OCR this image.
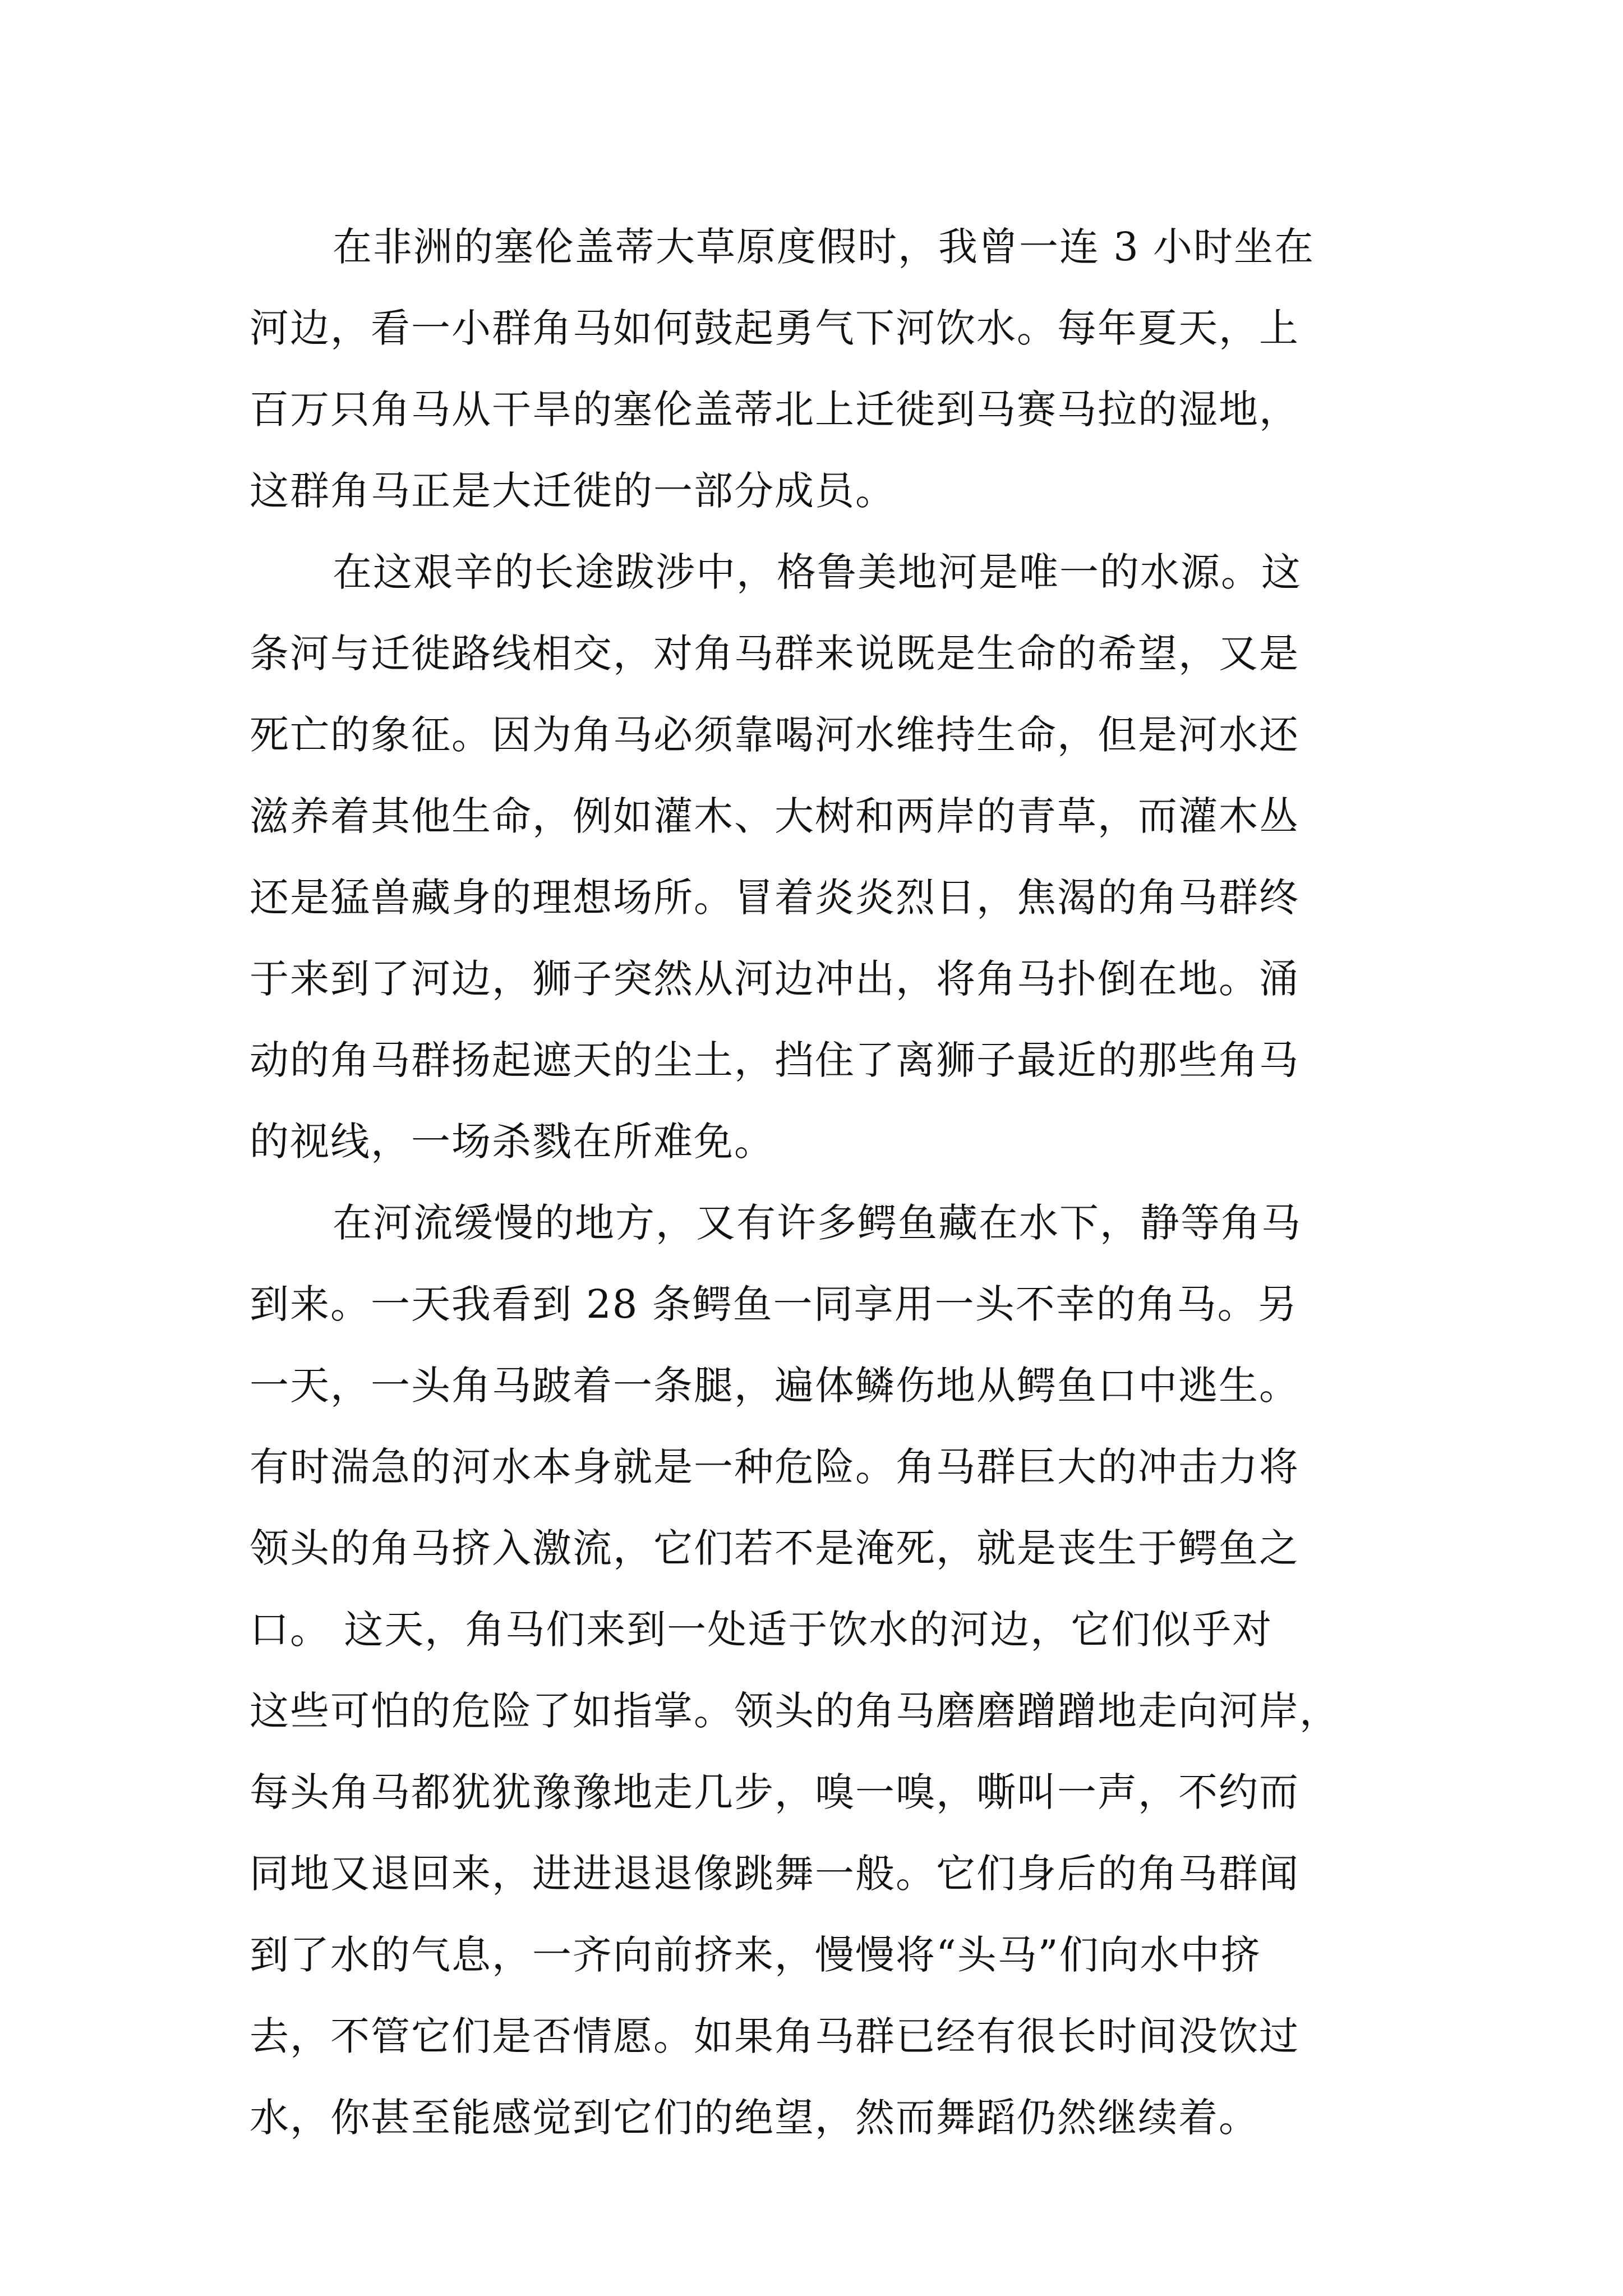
在非洲的塞伦盖蒂大草原度假时，我曾一连 3 小时坐在
河边，看一小群角马如何鼓起勇气下河饮水。每年夏天，上
百万只角马从干旱的塞伦盖蒂北上迁徙到马赛马拉的湿地，
这群角马正是大迁徙的一部分成员。
在这艰辛的长途跋涉中，格鲁美地河是唯一的水源。这
条河与迁徙路线相交，对角马群来说既是生命的希望，又是
死亡的象征。因为角马必须靠喝河水维持生命，但是河水还
滋养着其他生命，例如灌木、大树和两岸的青草，而灌木丛
还是猛兽藏身的理想场所。冒着炎炎烈日，焦渴的角马群终
于来到了河边，狮子突然从河边冲出，将角马扑倒在地。涌
动的角马群扬起遮天的尘土，挡住了离狮子最近的那些角马
的视线，一场杀戮在所难免。
在河流缓慢的地方，又有许多鳄鱼藏在水下，静等角马
到来。一天我看到 28 条鳄鱼一同享用一头不幸的角马。另
一天，一头角马跛着一条腿，遍体鳞伤地从鳄鱼口中逃生。
有时湍急的河水本身就是一种危险。角马群巨大的冲击力将
领头的角马挤入激流，它们若不是淹死，就是丧生于鳄鱼之
口。 这天，角马们来到一处适于饮水的河边，它们似乎对
这些可怕的危险了如指掌。领头的角马磨磨蹭蹭地走向河岸，
每头角马都犹犹豫豫地走几步，嗅一嗅，嘶叫一声，不约而
同地又退回来，进进退退像跳舞一般。它们身后的角马群闻
到了水的气息，一齐向前挤来，慢慢将“头马”们向水中挤
去，不管它们是否情愿。如果角马群已经有很长时间没饮过
水，你甚至能感觉到它们的绝望，然而舞蹈仍然继续着。
